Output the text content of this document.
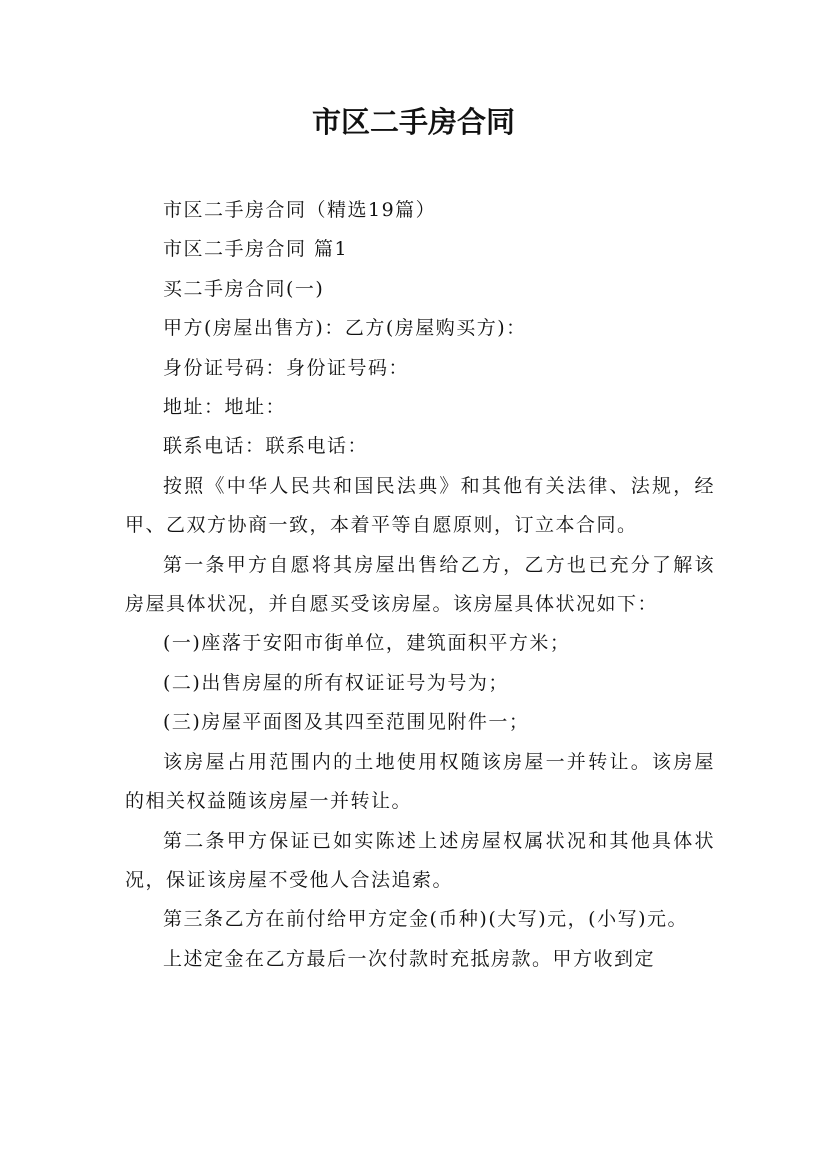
市区二手房合同

市区二手房合同（精选19篇）

市区二手房合同 篇1

买二手房合同(一)

甲方(房屋出售方)：乙方(房屋购买方)：

身份证号码：身份证号码：

地址：地址：

联系电话：联系电话：

按照《中华人民共和国民法典》和其他有关法律、法规，经甲、乙双方协商一致，本着平等自愿原则，订立本合同。

第一条甲方自愿将其房屋出售给乙方，乙方也已充分了解该房屋具体状况，并自愿买受该房屋。该房屋具体状况如下：

(一)座落于安阳市街单位，建筑面积平方米；

(二)出售房屋的所有权证证号为号为；

(三)房屋平面图及其四至范围见附件一；

该房屋占用范围内的土地使用权随该房屋一并转让。该房屋的相关权益随该房屋一并转让。

第二条甲方保证已如实陈述上述房屋权属状况和其他具体状况，保证该房屋不受他人合法追索。

第三条乙方在前付给甲方定金(币种)(大写)元，(小写)元。

上述定金在乙方最后一次付款时充抵房款。甲方收到定
